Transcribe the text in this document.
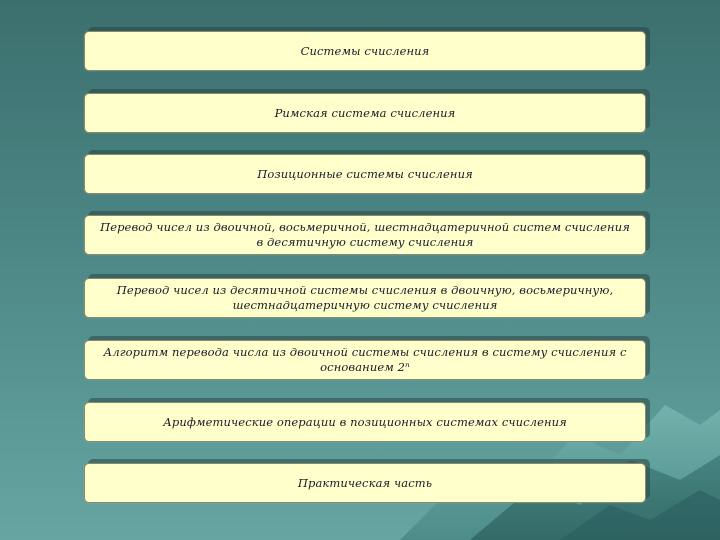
Системы счисления
Римская система счисления
Позиционные системы счисления
Перевод чисел из двоичной, восьмеричной, шестнадцатеричной систем счисления в десятичную систему счисления
Перевод чисел из десятичной системы счисления в двоичную, восьмеричную, шестнадцатеричную систему счисления
Алгоритм перевода числа из двоичной системы счисления в систему счисления с основанием 2ⁿ
Арифметические операции в позиционных системах счисления
Практическая часть
